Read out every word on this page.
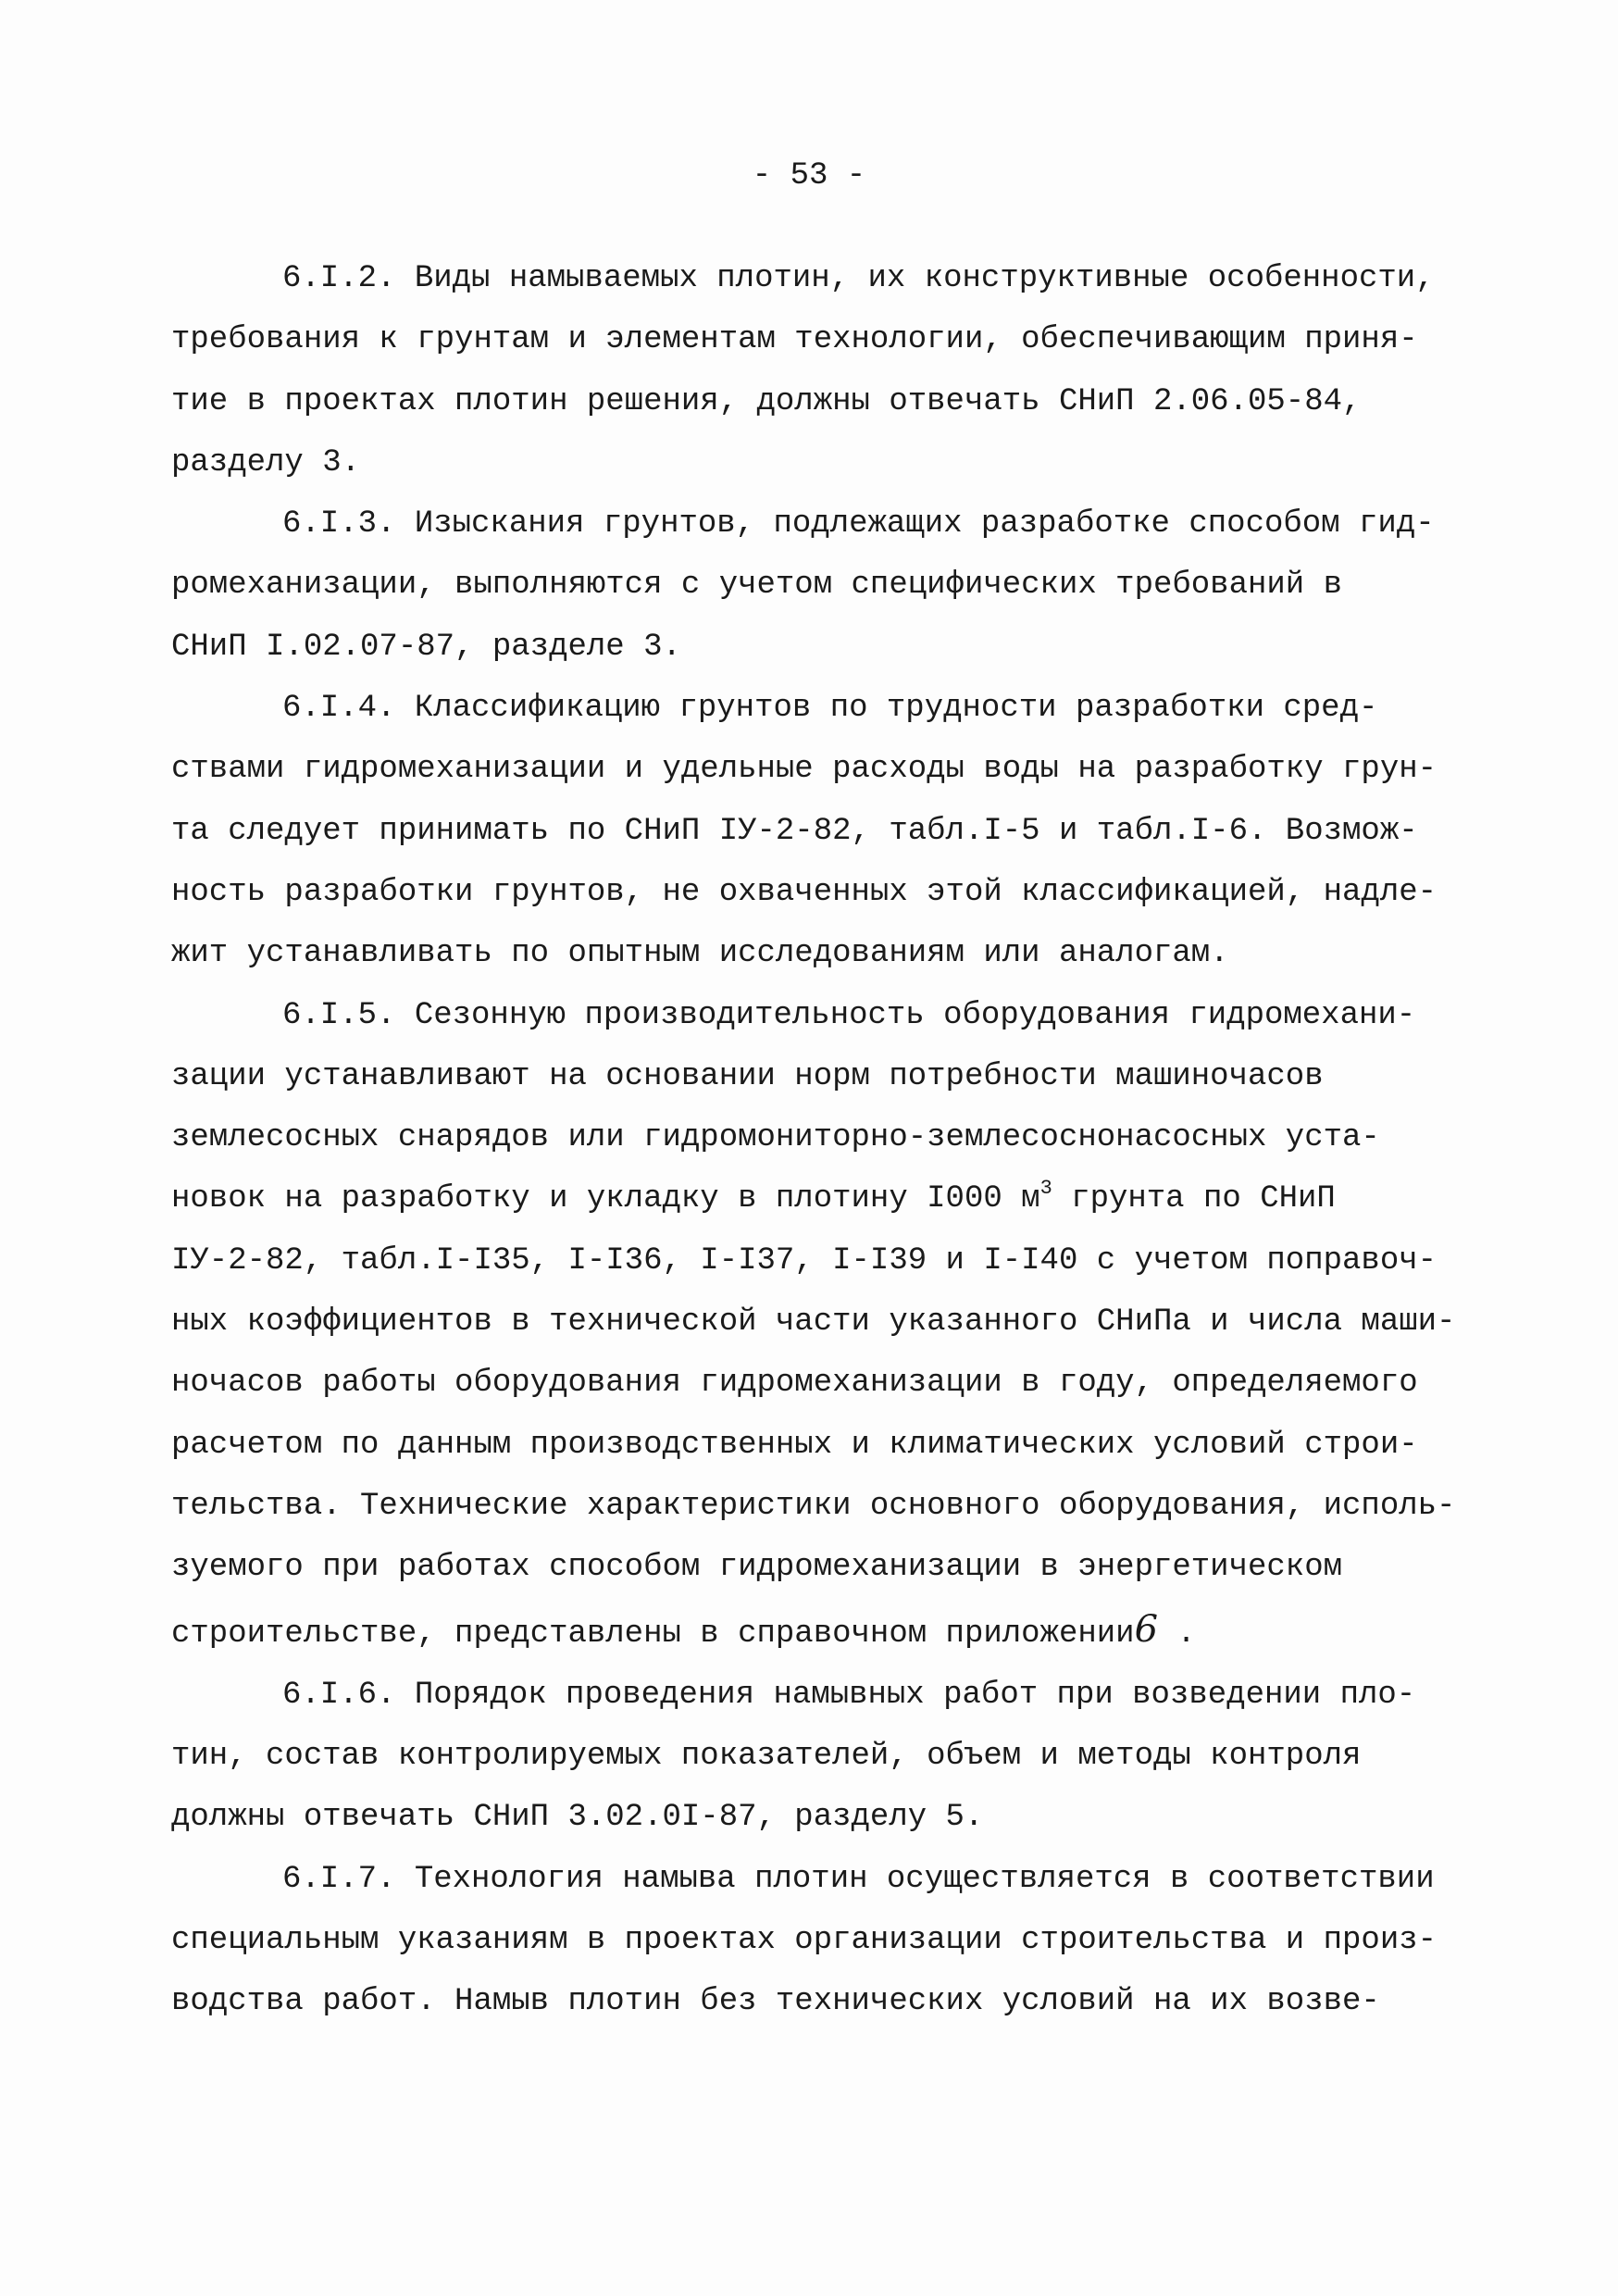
- 53 -
6.I.2. Виды намываемых плотин, их конструктивные особенности,
требования к грунтам и элементам технологии, обеспечивающим приня-
тие в проектах плотин решения, должны отвечать СНиП 2.06.05-84,
разделу 3.
6.I.3. Изыскания грунтов, подлежащих разработке способом гид-
ромеханизации, выполняются с учетом специфических требований в
СНиП I.02.07-87, разделе 3.
6.I.4. Классификацию грунтов по трудности разработки сред-
ствами гидромеханизации и удельные расходы воды на разработку грун-
та следует принимать по СНиП IУ-2-82, табл.I-5 и табл.I-6. Возмож-
ность разработки грунтов, не охваченных этой классификацией, надле-
жит устанавливать по опытным исследованиям или аналогам.
6.I.5. Сезонную производительность оборудования гидромехани-
зации устанавливают на основании норм потребности машиночасов
землесосных снарядов или гидромониторно-землесоснонасосных уста-
новок на разработку и укладку в плотину I000 $м^3$ грунта по СНиП
IУ-2-82, табл.I-I35, I-I36, I-I37, I-I39 и I-I40 с учетом поправоч-
ных коэффициентов в технической части указанного СНиПа и числа маши-
ночасов работы оборудования гидромеханизации в году, определяемого
расчетом по данным производственных и климатических условий строи-
тельства. Технические характеристики основного оборудования, исполь-
зуемого при работах способом гидромеханизации в энергетическом
строительстве, представлены в справочном приложении6 .
6.I.6. Порядок проведения намывных работ при возведении пло-
тин, состав контролируемых показателей, объем и методы контроля
должны отвечать СНиП 3.02.0I-87, разделу 5.
6.I.7. Технология намыва плотин осуществляется в соответствии
специальным указаниям в проектах организации строительства и произ-
водства работ. Намыв плотин без технических условий на их возве-
